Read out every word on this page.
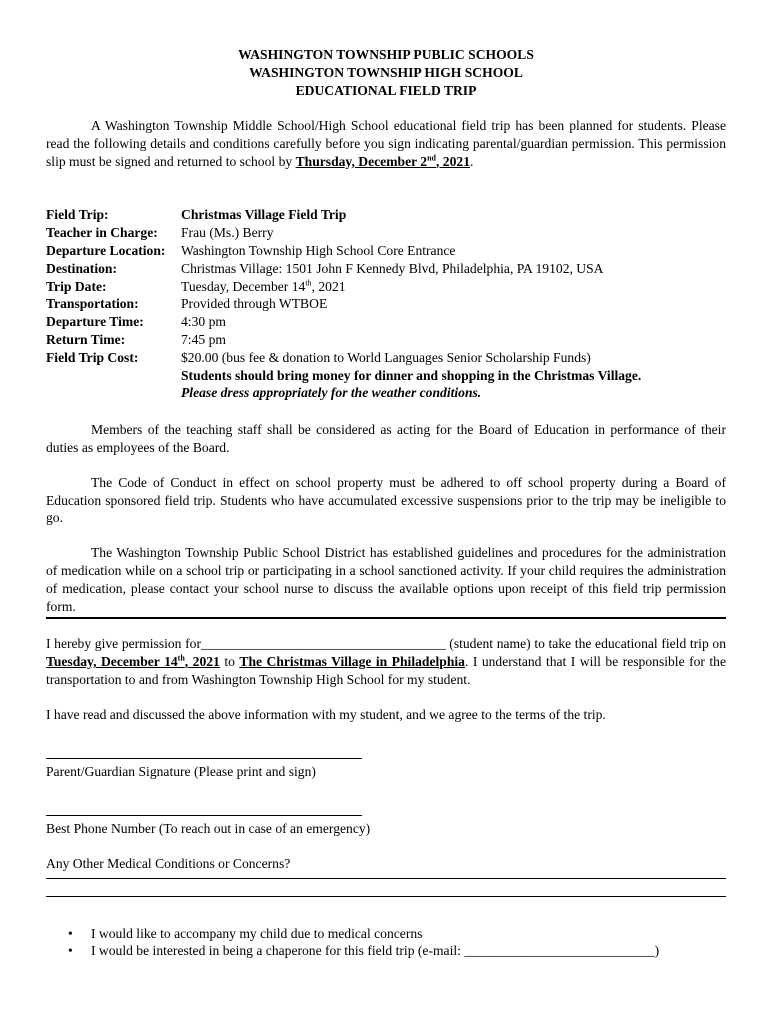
WASHINGTON TOWNSHIP PUBLIC SCHOOLS
WASHINGTON TOWNSHIP HIGH SCHOOL
EDUCATIONAL FIELD TRIP

A Washington Township Middle School/High School educational field trip has been planned for students. Please read the following details and conditions carefully before you sign indicating parental/guardian permission. This permission slip must be signed and returned to school by Thursday, December 2nd, 2021.

Field Trip:	Christmas Village Field Trip
Teacher in Charge:	Frau (Ms.) Berry
Departure Location:	Washington Township High School Core Entrance
Destination:	Christmas Village: 1501 John F Kennedy Blvd, Philadelphia, PA 19102, USA
Trip Date:	Tuesday, December 14th, 2021
Transportation:	Provided through WTBOE
Departure Time:	4:30 pm
Return Time:	7:45 pm
Field Trip Cost:	$20.00 (bus fee & donation to World Languages Senior Scholarship Funds)
Students should bring money for dinner and shopping in the Christmas Village.
Please dress appropriately for the weather conditions.

Members of the teaching staff shall be considered as acting for the Board of Education in performance of their duties as employees of the Board.

The Code of Conduct in effect on school property must be adhered to off school property during a Board of Education sponsored field trip. Students who have accumulated excessive suspensions prior to the trip may be ineligible to go.

The Washington Township Public School District has established guidelines and procedures for the administration of medication while on a school trip or participating in a school sanctioned activity. If your child requires the administration of medication, please contact your school nurse to discuss the available options upon receipt of this field trip permission form.

I hereby give permission for____________________________________ (student name) to take the educational field trip on Tuesday, December 14th, 2021 to The Christmas Village in Philadelphia. I understand that I will be responsible for the transportation to and from Washington Township High School for my student.

I have read and discussed the above information with my student, and we agree to the terms of the trip.

Parent/Guardian Signature (Please print and sign)
Best Phone Number (To reach out in case of an emergency)
Any Other Medical Conditions or Concerns?
• I would like to accompany my child due to medical concerns
• I would be interested in being a chaperone for this field trip (e-mail: ____________________________)
